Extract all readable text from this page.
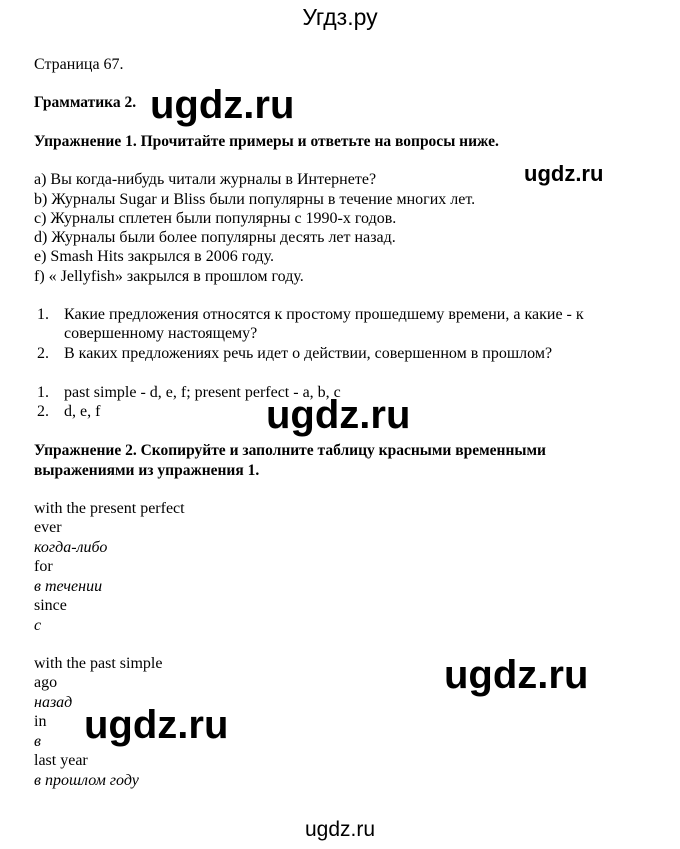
Угдз.ру
Страница 67.
Грамматика 2. ugdz.ru
Упражнение 1. Прочитайте примеры и ответьте на вопросы ниже.
ugdz.ru
a) Вы когда-нибудь читали журналы в Интернете?
b) Журналы Sugar и Bliss были популярны в течение многих лет.
c) Журналы сплетен были популярны с 1990-х годов.
d) Журналы были более популярны десять лет назад.
e) Smash Hits закрылся в 2006 году.
f) « Jellyfish» закрылся в прошлом году.
1. Какие предложения относятся к простому прошедшему времени, а какие - к
совершенному настоящему?
2. В каких предложениях речь идет о действии, совершенном в прошлом?
1. past simple - d, e, f; present perfect - a, b, c
2. d, e, f	ugdz.ru
Упражнение 2. Скопируйте и заполните таблицу красными временными
выражениями из упражнения 1.
with the present perfect
ever
когда-либо
for
в течении
since
с
with the past simple
ago
назад
in
в
last year
в прошлом году
ugdz.ru
ugdz.ru
ugdz.ru
